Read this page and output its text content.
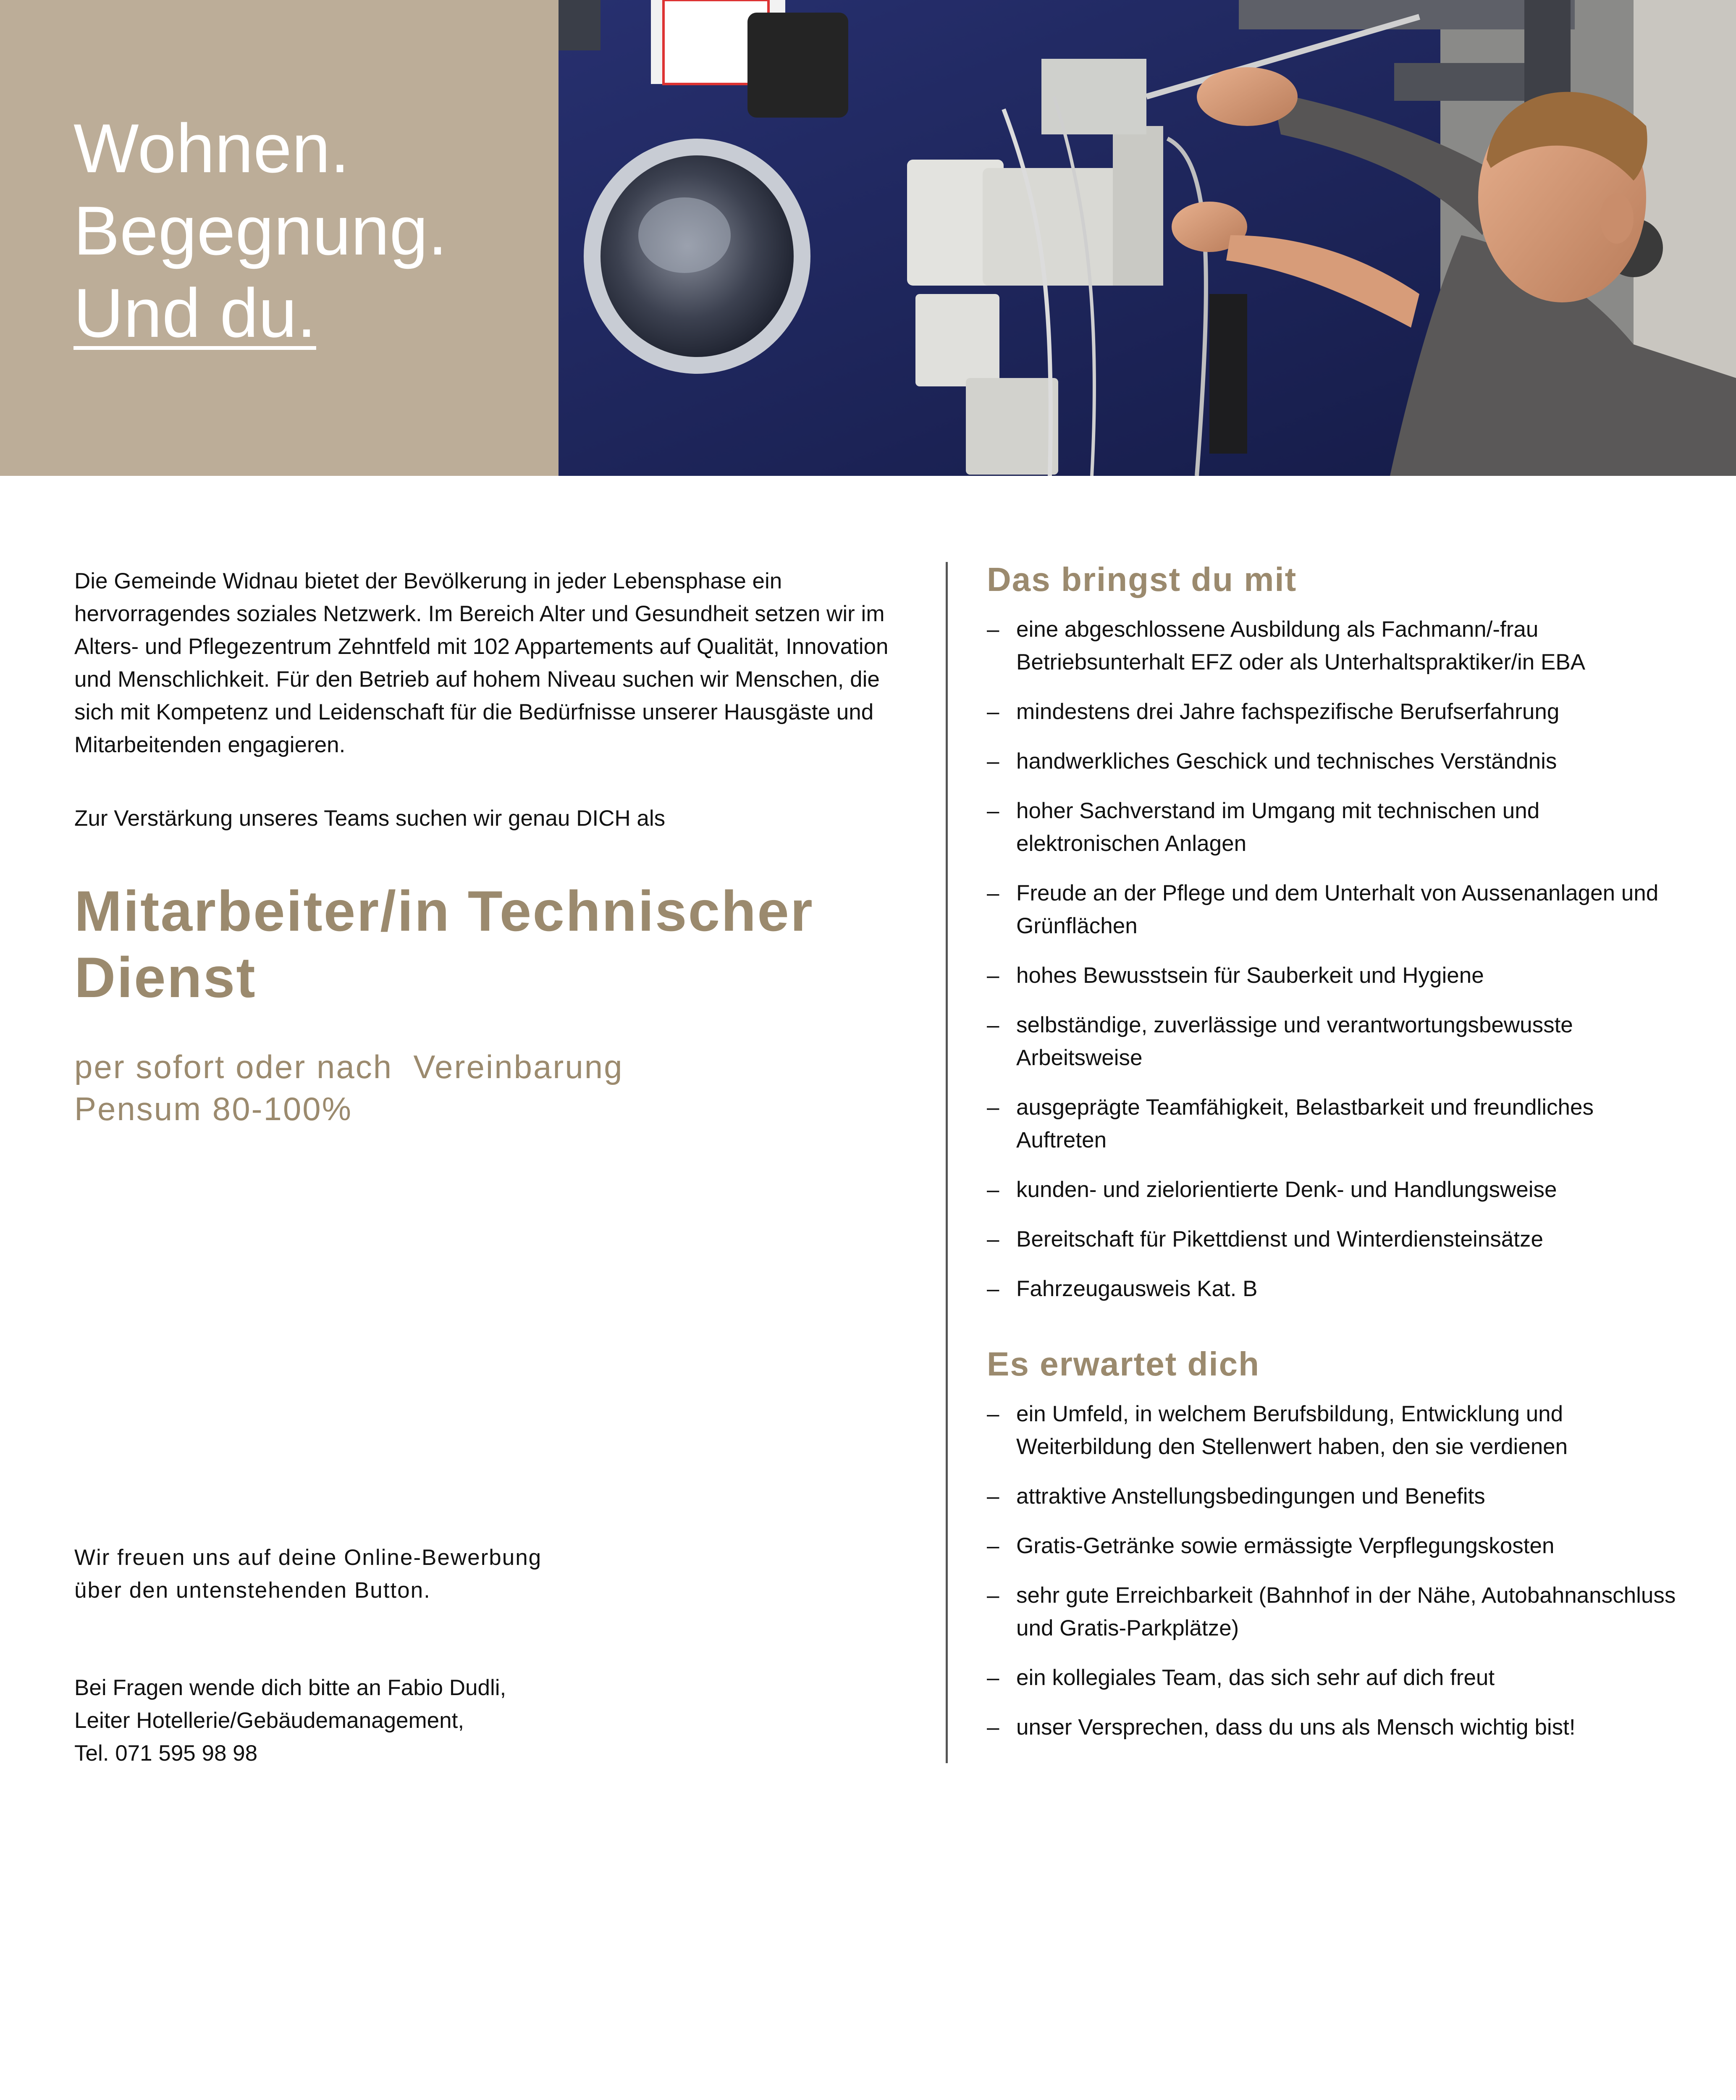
Wohnen.
Begegnung.
Und du.

Die Gemeinde Widnau bietet der Bevölkerung in jeder Lebensphase ein hervorragendes soziales Netzwerk. Im Bereich Alter und Gesundheit setzen wir im Alters- und Pflegezentrum Zehntfeld mit 102 Appartements auf Qualität, Innovation und Menschlichkeit. Für den Betrieb auf hohem Niveau suchen wir Menschen, die sich mit Kompetenz und Leidenschaft für die Bedürfnisse unserer Hausgäste und Mitarbeitenden engagieren.

Zur Verstärkung unseres Teams suchen wir genau DICH als

Mitarbeiter/in Technischer Dienst
per sofort oder nach  Vereinbarung
Pensum 80-100%
Wir freuen uns auf deine Online-Bewerbung
über den untenstehenden Button.
Bei Fragen wende dich bitte an Fabio Dudli,
Leiter Hotellerie/Gebäudemanagement,
Tel. 071 595 98 98
Das bringst du mit
– eine abgeschlossene Ausbildung als Fachmann/-frau Betriebsunterhalt EFZ oder als Unterhaltspraktiker/in EBA
– mindestens drei Jahre fachspezifische Berufserfahrung
– handwerkliches Geschick und technisches Verständnis
– hoher Sachverstand im Umgang mit technischen und elektronischen Anlagen
– Freude an der Pflege und dem Unterhalt von Aussenanlagen und Grünflächen
– hohes Bewusstsein für Sauberkeit und Hygiene
– selbständige, zuverlässige und verantwortungsbewusste Arbeitsweise
– ausgeprägte Teamfähigkeit, Belastbarkeit und freundliches Auftreten
– kunden- und zielorientierte Denk- und Handlungsweise
– Bereitschaft für Pikettdienst und Winterdiensteinsätze
– Fahrzeugausweis Kat. B
Es erwartet dich
– ein Umfeld, in welchem Berufsbildung, Entwicklung und Weiterbildung den Stellenwert haben, den sie verdienen
– attraktive Anstellungsbedingungen und Benefits
– Gratis-Getränke sowie ermässigte Verpflegungskosten
– sehr gute Erreichbarkeit (Bahnhof in der Nähe, Autobahnanschluss und Gratis-Parkplätze)
– ein kollegiales Team, das sich sehr auf dich freut
– unser Versprechen, dass du uns als Mensch wichtig bist!
